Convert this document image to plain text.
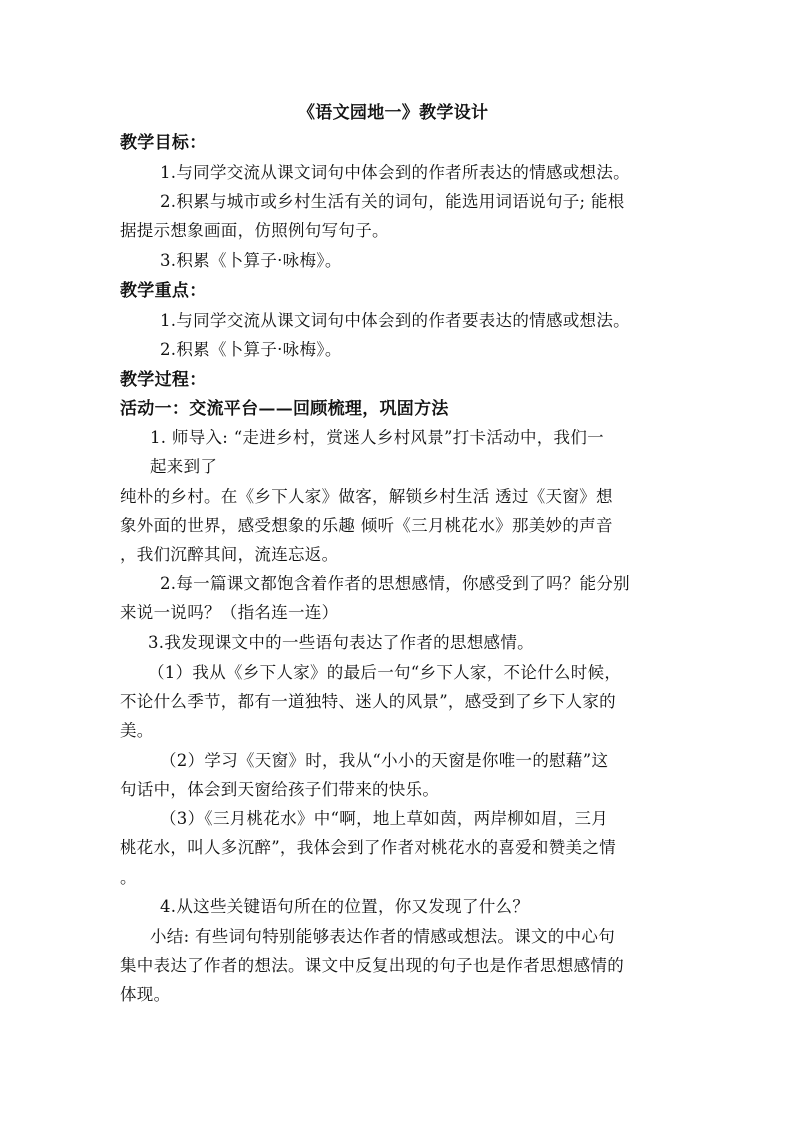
《语文园地一》教学设计
教学目标：
1.与同学交流从课文词句中体会到的作者所表达的情感或想法。
2.积累与城市或乡村生活有关的词句，能选用词语说句子; 能根
据提示想象画面，仿照例句写句子。
3.积累《卜算子·咏梅》。
教学重点：
1.与同学交流从课文词句中体会到的作者要表达的情感或想法。
2.积累《卜算子·咏梅》。
教学过程：
活动一：交流平台——回顾梳理，巩固方法
1. 师导入: “走进乡村，赏迷人乡村风景”打卡活动中，我们一
起来到了
纯朴的乡村。在《乡下人家》做客，解锁乡村生活 透过《天窗》想
象外面的世界，感受想象的乐趣 倾听《三月桃花水》那美妙的声音
，我们沉醉其间，流连忘返。
2.每一篇课文都饱含着作者的思想感情，你感受到了吗？能分别
来说一说吗？（指名连一连）
3.我发现课文中的一些语句表达了作者的思想感情。
（1）我从《乡下人家》的最后一句“乡下人家，不论什么时候，
不论什么季节，都有一道独特、迷人的风景”，感受到了乡下人家的
美。
（2）学习《天窗》时，我从“小小的天窗是你唯一的慰藉”这
句话中，体会到天窗给孩子们带来的快乐。
（3）《三月桃花水》中“啊，地上草如茵，两岸柳如眉，三月
桃花水，叫人多沉醉”，我体会到了作者对桃花水的喜爱和赞美之情
。
4.从这些关键语句所在的位置，你又发现了什么？
小结: 有些词句特别能够表达作者的情感或想法。课文的中心句
集中表达了作者的想法。课文中反复出现的句子也是作者思想感情的
体现。
